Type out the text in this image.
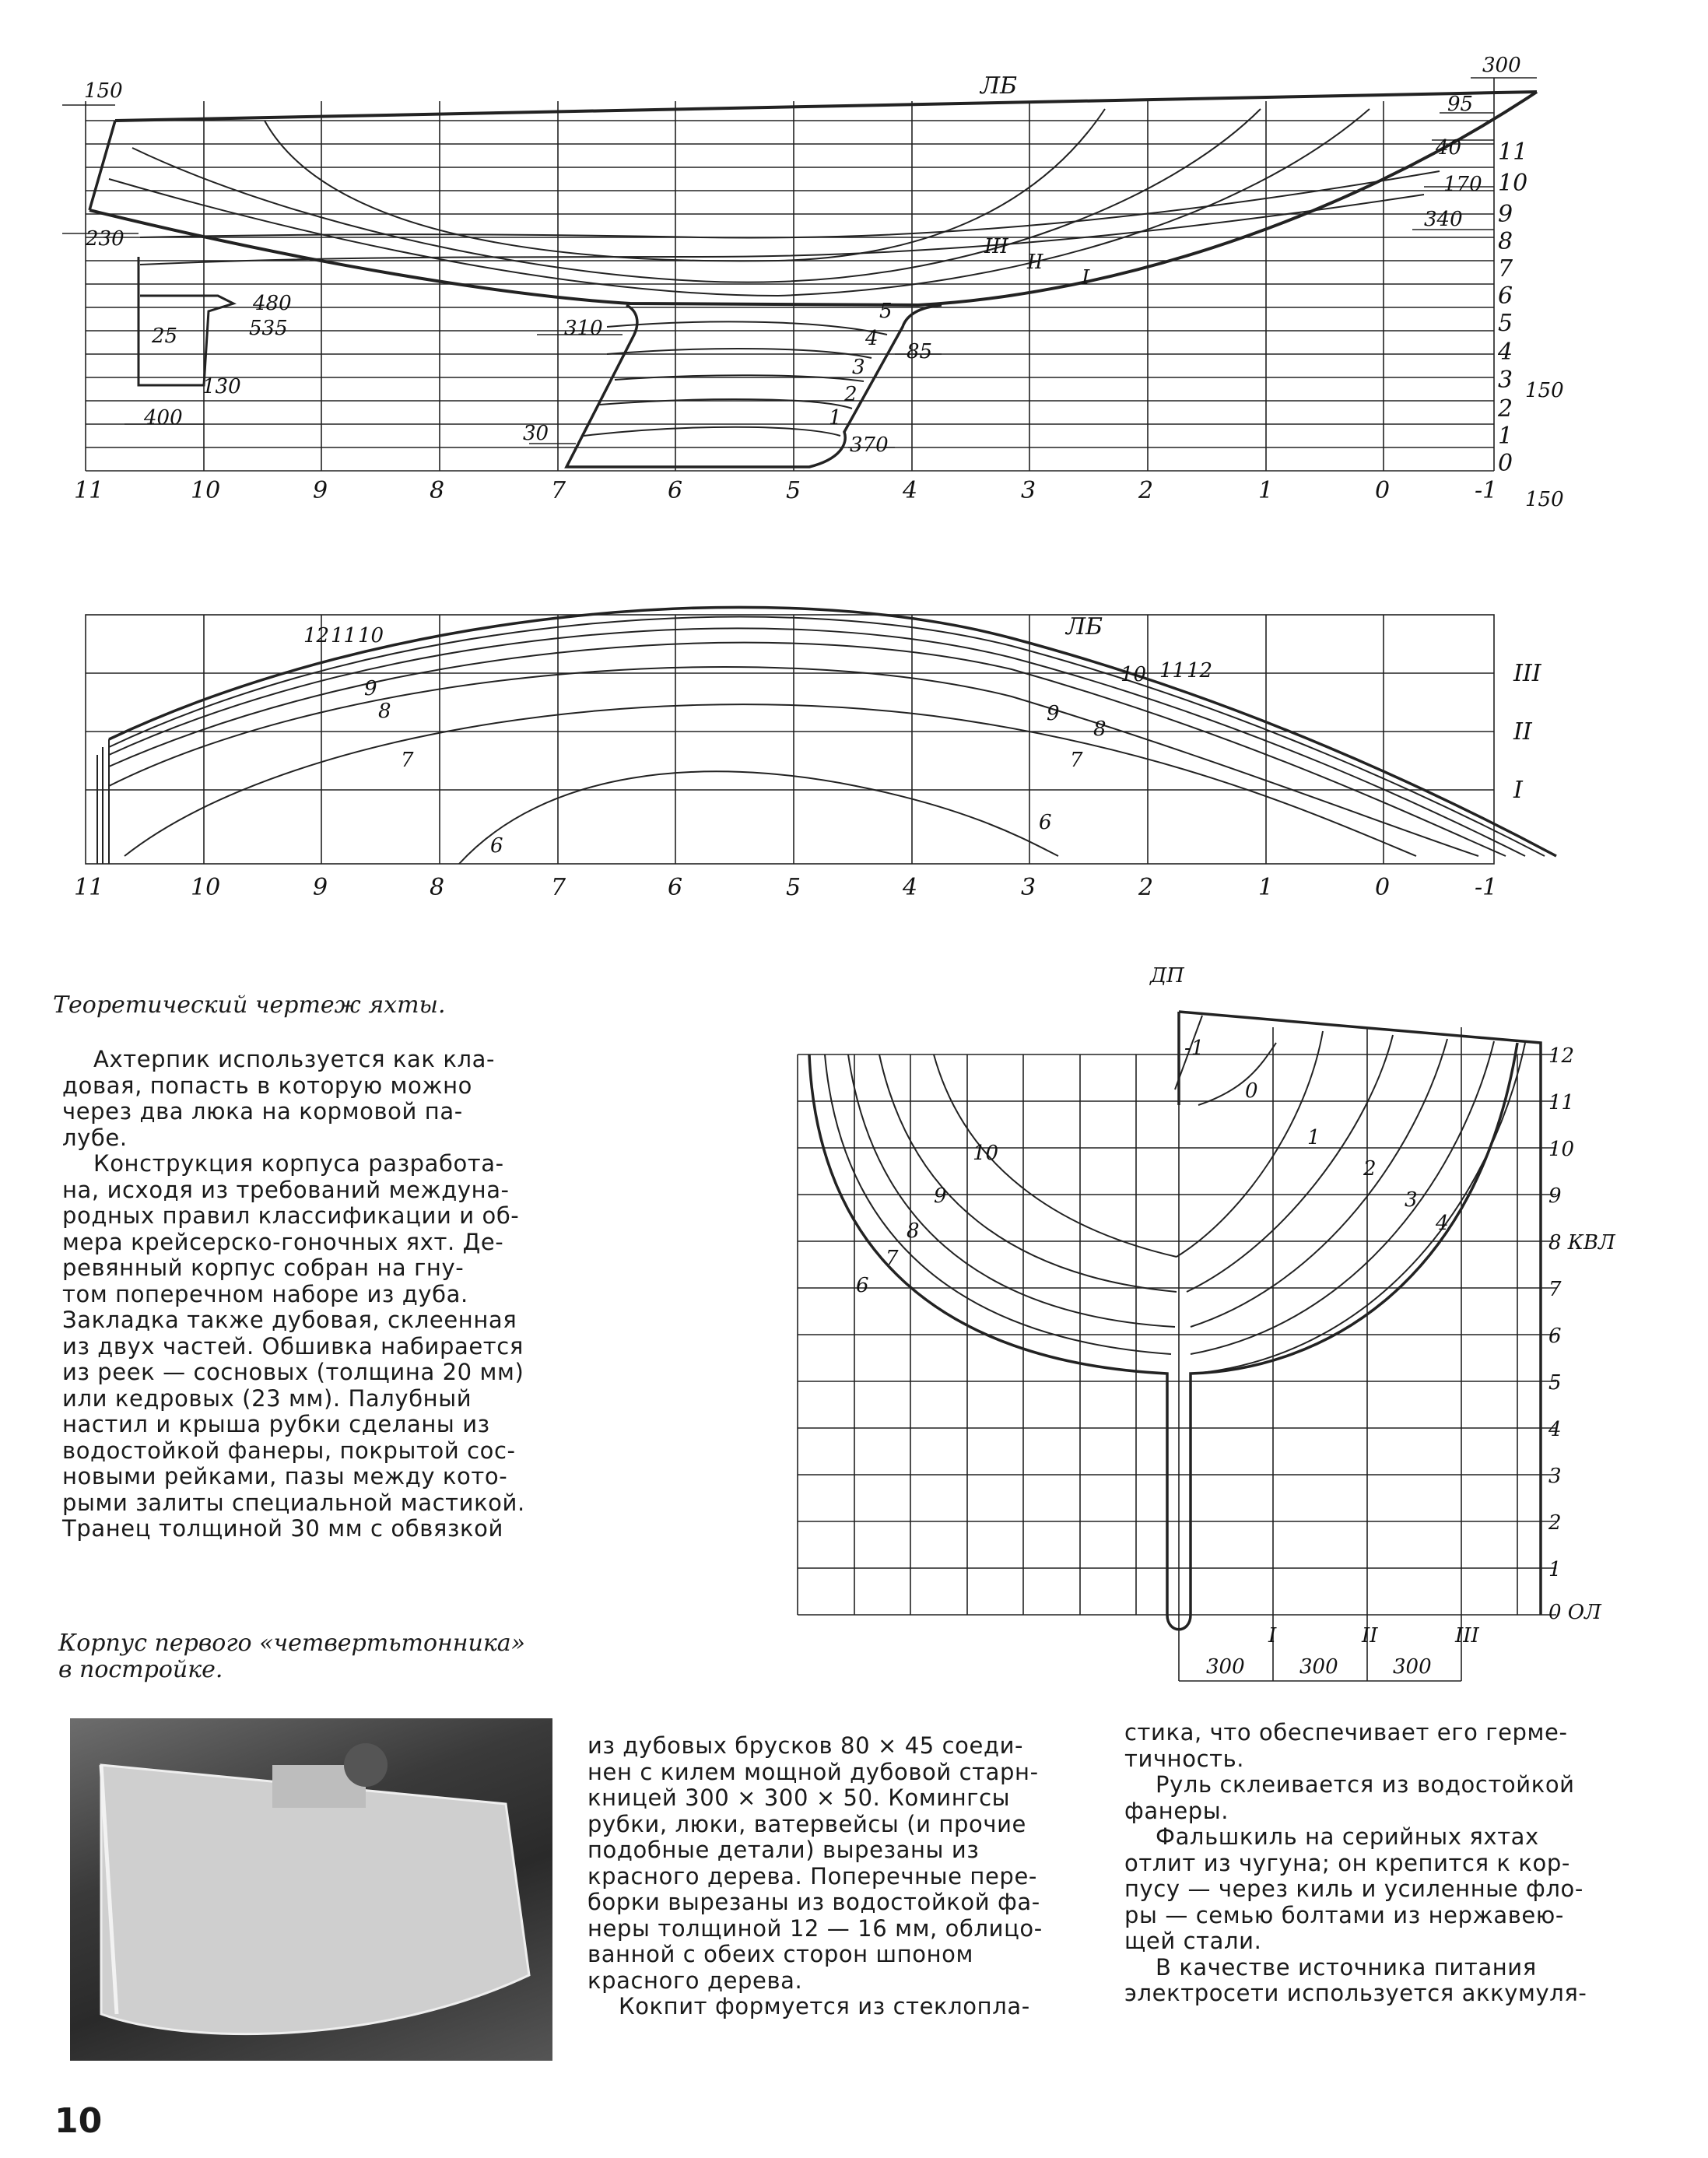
11	10	9	8	7	6	5	4	3	2	1	0	-1
11
10
9
8
7
6
5
4
3
2
1
0
ЛБ
III
II
I
5
4
3
2
1
150
300
95
40
170
340
230
480
535
25
130
400
310
85
30	370
150
150
11	10	9	8	7	6	5	4	3	2	1	0	-1
III
II
I
ЛБ
12 11 10
9
8
7
6
10 11 12
9
8
7
6
ДП
12
11
10
9
8 КВЛ
7
6
5
4
3
2
1
0 ОЛ
-1
0
1
2
3
4
10
9
8
7
6
I	II	III
300	300	300

Теоретический чертеж яхты.

Ахтерпик используется как кла-

довая, попасть в которую можно

через два люка на кормовой па-

лубе.

Конструкция корпуса разработа-

на, исходя из требований междуна-

родных правил классификации и об-

мера крейсерско-гоночных яхт. Де-

ревянный корпус собран на гну-

том поперечном наборе из дуба.

Закладка также дубовая, склеенная

из двух частей. Обшивка набирается

из реек — сосновых (толщина 20 мм)

или кедровых (23 мм). Палубный

настил и крыша рубки сделаны из

водостойкой фанеры, покрытой сос-

новыми рейками, пазы между кото-

рыми залиты специальной мастикой.

Транец толщиной 30 мм с обвязкой

Корпус первого «четвертьтонника»

в постройке.

из дубовых брусков 80 × 45 соеди-

нен с килем мощной дубовой старн-

кницей 300 × 300 × 50. Комингсы

рубки, люки, ватервейсы (и прочие

подобные детали) вырезаны из

красного дерева. Поперечные пере-

борки вырезаны из водостойкой фа-

неры толщиной 12 — 16 мм, облицо-

ванной с обеих сторон шпоном

красного дерева.

Кокпит формуется из стеклопла-

стика, что обеспечивает его герме-

тичность.

Руль склеивается из водостойкой

фанеры.

Фальшкиль на серийных яхтах

отлит из чугуна; он крепится к кор-

пусу — через киль и усиленные фло-

ры — семью болтами из нержавею-

щей стали.

В качестве источника питания

электросети используется аккумуля-

10
